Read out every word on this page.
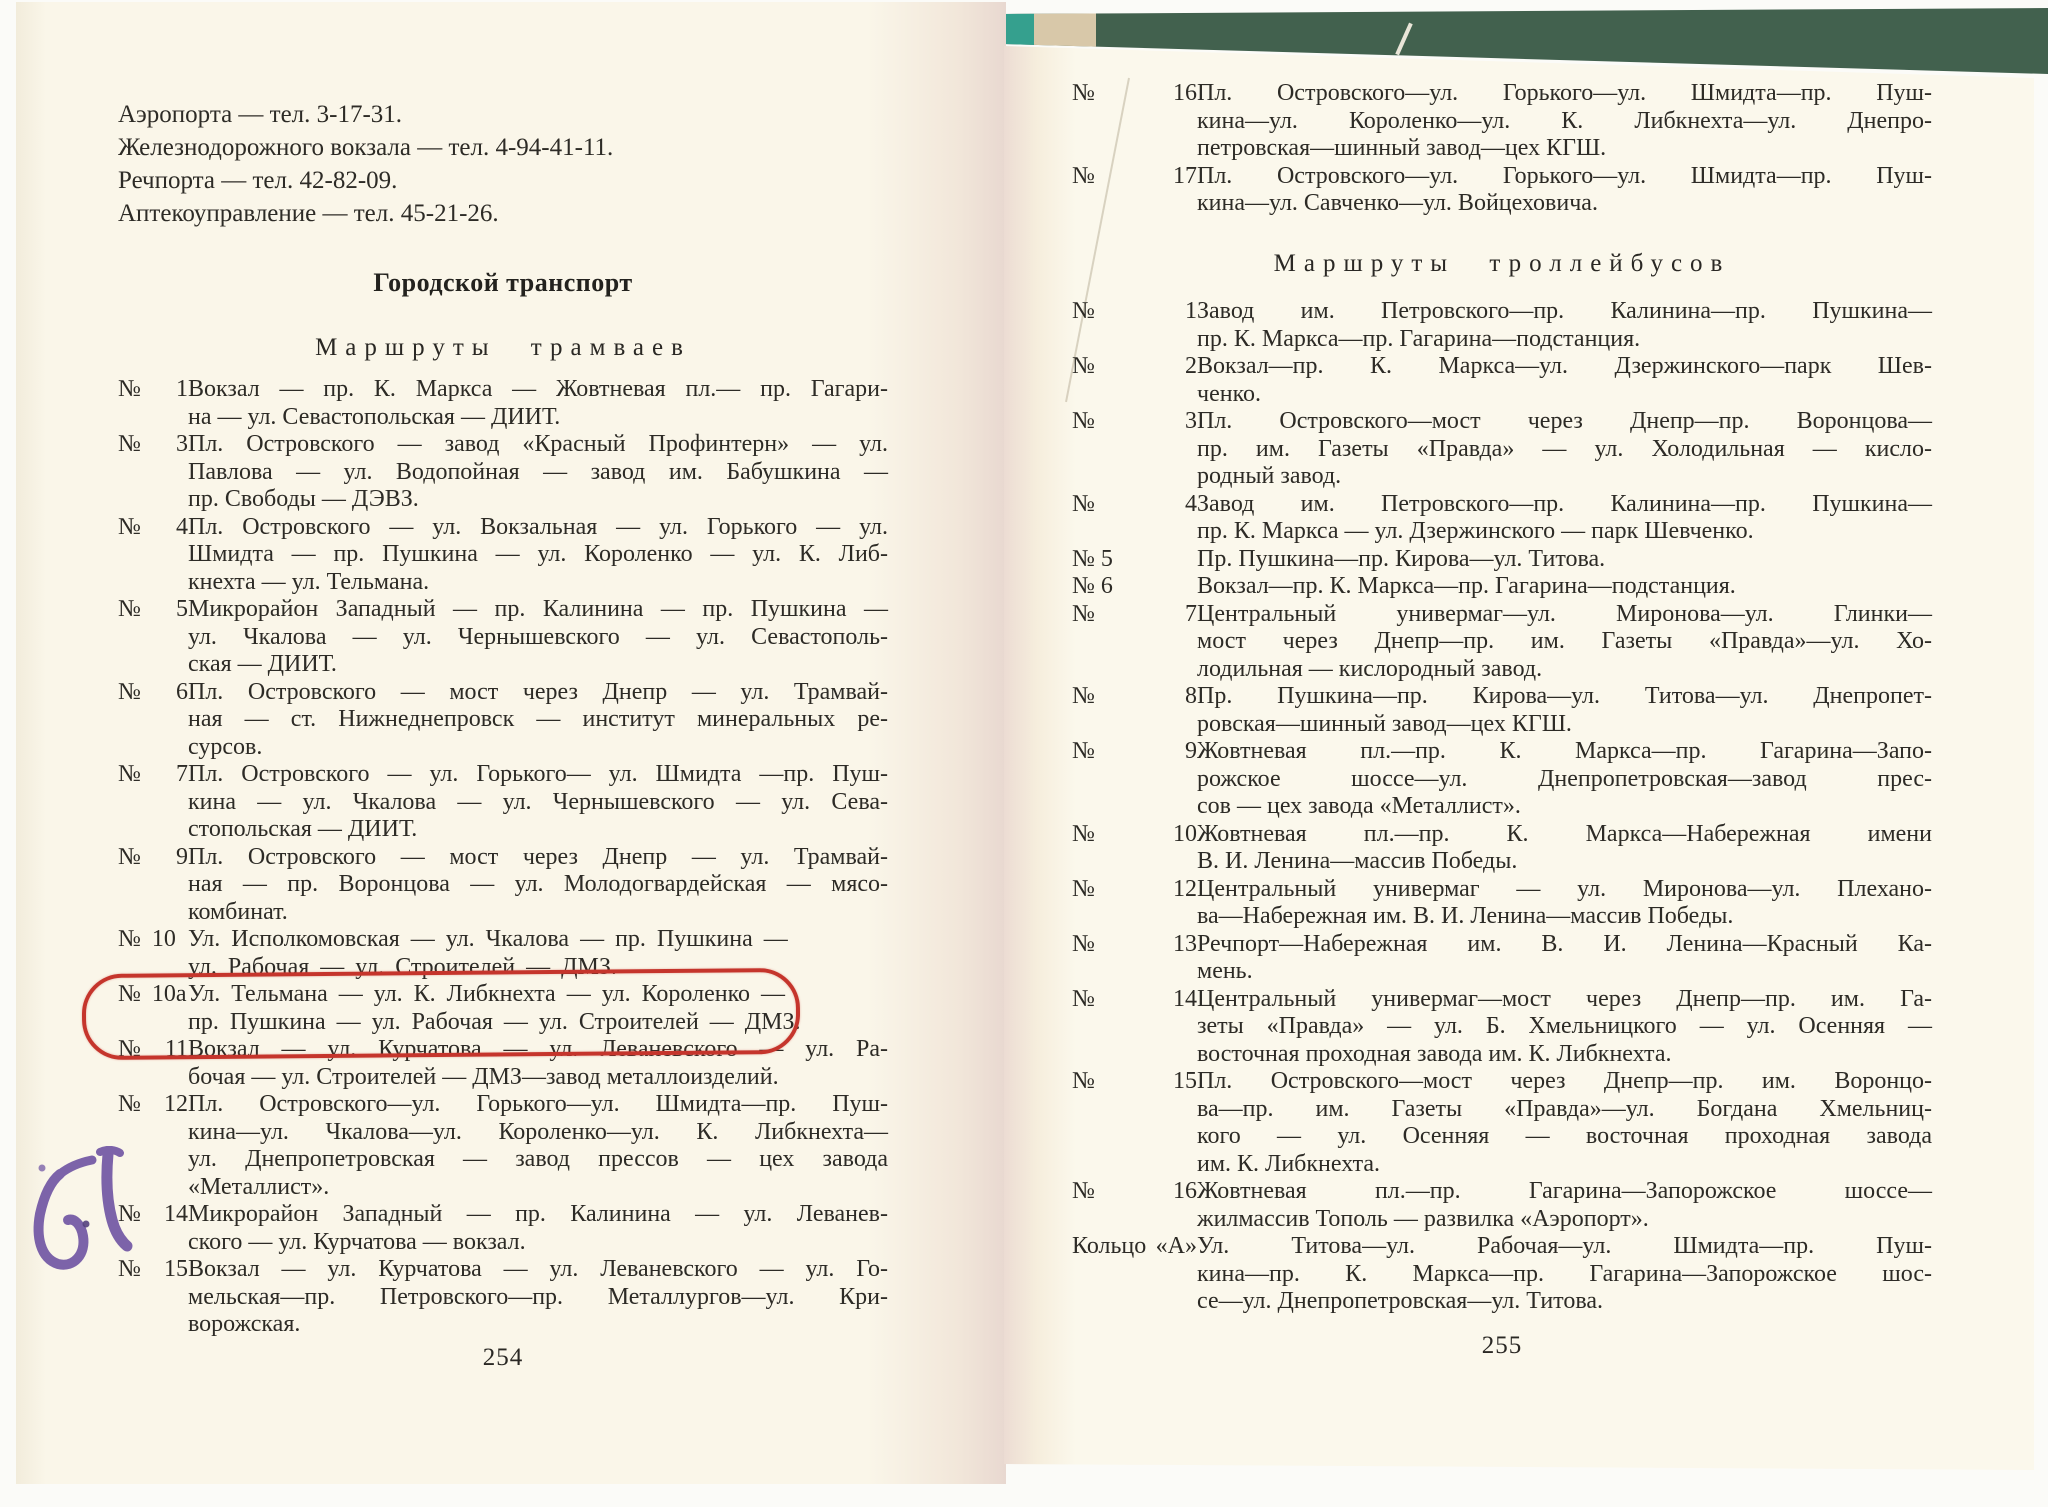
Аэропорта — тел. 3-17-31.
Железнодорожного вокзала — тел. 4-94-41-11.
Речпорта — тел. 42-82-09.
Аптекоуправление — тел. 45-21-26.
Городской транспорт
Маршруты трамваев
№ 1Вокзал — пр. К. Маркса — Жовтневая пл.— пр. Гагари-
на — ул. Севастопольская — ДИИТ.
№ 3Пл. Островского — завод «Красный Профинтерн» — ул.
Павлова — ул. Водопойная — завод им. Бабушкина —
пр. Свободы — ДЭВЗ.
№ 4Пл. Островского — ул. Вокзальная — ул. Горького — ул.
Шмидта — пр. Пушкина — ул. Короленко — ул. К. Либ-
кнехта — ул. Тельмана.
№ 5Микрорайон Западный — пр. Калинина — пр. Пушкина —
ул. Чкалова — ул. Чернышевского — ул. Севастополь-
ская — ДИИТ.
№ 6Пл. Островского — мост через Днепр — ул. Трамвай-
ная — ст. Нижнеднепровск — институт минеральных ре-
сурсов.
№ 7Пл. Островского — ул. Горького— ул. Шмидта —пр. Пуш-
кина — ул. Чкалова — ул. Чернышевского — ул. Сева-
стопольская — ДИИТ.
№ 9Пл. Островского — мост через Днепр — ул. Трамвай-
ная — пр. Воронцова — ул. Молодогвардейская — мясо-
комбинат.
№ 10 Ул. Исполкомовская — ул. Чкалова — пр. Пушкина —
ул. Рабочая — ул. Строителей — ДМЗ.
№ 10аУл. Тельмана — ул. К. Либкнехта — ул. Короленко —
пр. Пушкина — ул. Рабочая — ул. Строителей — ДМЗ.
№ 11Вокзал — ул. Курчатова — ул. Леваневского — ул. Ра-
бочая — ул. Строителей — ДМЗ—завод металлоизделий.
№ 12Пл. Островского—ул. Горького—ул. Шмидта—пр. Пуш-
кина—ул. Чкалова—ул. Короленко—ул. К. Либкнехта—
ул. Днепропетровская — завод прессов — цех завода
«Металлист».
№ 14Микрорайон Западный — пр. Калинина — ул. Леванев-
ского — ул. Курчатова — вокзал.
№ 15Вокзал — ул. Курчатова — ул. Леваневского — ул. Го-
мельская—пр. Петровского—пр. Металлургов—ул. Кри-
ворожская.
254
№ 16Пл. Островского—ул. Горького—ул. Шмидта—пр. Пуш-
кина—ул. Короленко—ул. К. Либкнехта—ул. Днепро-
петровская—шинный завод—цех КГШ.
№ 17Пл. Островского—ул. Горького—ул. Шмидта—пр. Пуш-
кина—ул. Савченко—ул. Войцеховича.
Маршруты троллейбусов
№ 1Завод им. Петровского—пр. Калинина—пр. Пушкина—
пр. К. Маркса—пр. Гагарина—подстанция.
№ 2Вокзал—пр. К. Маркса—ул. Дзержинского—парк Шев-
ченко.
№ 3Пл. Островского—мост через Днепр—пр. Воронцова—
пр. им. Газеты «Правда» — ул. Холодильная — кисло-
родный завод.
№ 4Завод им. Петровского—пр. Калинина—пр. Пушкина—
пр. К. Маркса — ул. Дзержинского — парк Шевченко.
№ 5	Пр. Пушкина—пр. Кирова—ул. Титова.
№ 6	Вокзал—пр. К. Маркса—пр. Гагарина—подстанция.
№ 7Центральный универмаг—ул. Миронова—ул. Глинки—
мост через Днепр—пр. им. Газеты «Правда»—ул. Хо-
лодильная — кислородный завод.
№ 8Пр. Пушкина—пр. Кирова—ул. Титова—ул. Днепропет-
ровская—шинный завод—цех КГШ.
№ 9Жовтневая пл.—пр. К. Маркса—пр. Гагарина—Запо-
рожское шоссе—ул. Днепропетровская—завод прес-
сов — цех завода «Металлист».
№ 10Жовтневая пл.—пр. К. Маркса—Набережная имени
В. И. Ленина—массив Победы.
№ 12Центральный универмаг — ул. Миронова—ул. Плехано-
ва—Набережная им. В. И. Ленина—массив Победы.
№ 13Речпорт—Набережная им. В. И. Ленина—Красный Ка-
мень.
№ 14Центральный универмаг—мост через Днепр—пр. им. Га-
зеты «Правда» — ул. Б. Хмельницкого — ул. Осенняя —
восточная проходная завода им. К. Либкнехта.
№ 15Пл. Островского—мост через Днепр—пр. им. Воронцо-
ва—пр. им. Газеты «Правда»—ул. Богдана Хмельниц-
кого — ул. Осенняя — восточная проходная завода
им. К. Либкнехта.
№ 16Жовтневая пл.—пр. Гагарина—Запорожское шоссе—
жилмассив Тополь — развилка «Аэропорт».
Кольцо «А»Ул. Титова—ул. Рабочая—ул. Шмидта—пр. Пуш-
кина—пр. К. Маркса—пр. Гагарина—Запорожское шос-
се—ул. Днепропетровская—ул. Титова.
255
